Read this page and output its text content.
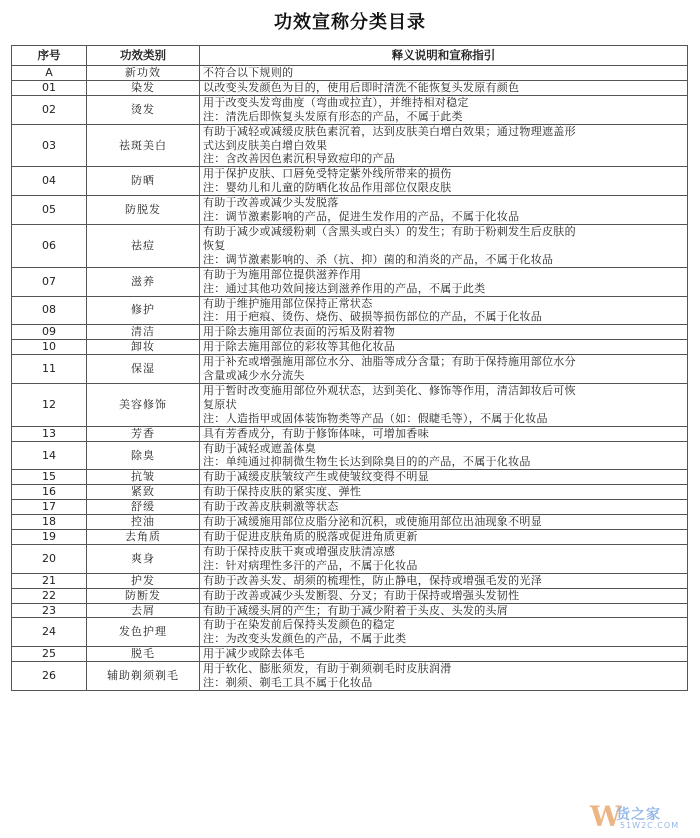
功效宣称分类目录
序号	功效类别	释义说明和宣称指引
A	新功效	不符合以下规则的

01	染发	以改变头发颜色为目的，使用后即时清洗不能恢复头发原有颜色

02	烫发	用于改变头发弯曲度（弯曲或拉直），并维持相对稳定
注：清洗后即恢复头发原有形态的产品，不属于此类

03	祛斑美白	有助于减轻或减缓皮肤色素沉着，达到皮肤美白增白效果；通过物理遮盖形
式达到皮肤美白增白效果
注：含改善因色素沉积导致痘印的产品

04	防晒	用于保护皮肤、口唇免受特定紫外线所带来的损伤
注：婴幼儿和儿童的防晒化妆品作用部位仅限皮肤

05	防脱发	有助于改善或减少头发脱落
注：调节激素影响的产品，促进生发作用的产品，不属于化妆品

06	祛痘	有助于减少或减缓粉刺（含黑头或白头）的发生；有助于粉刺发生后皮肤的
恢复
注：调节激素影响的、杀（抗、抑）菌的和消炎的产品，不属于化妆品

07	滋养	有助于为施用部位提供滋养作用
注：通过其他功效间接达到滋养作用的产品，不属于此类

08	修护	有助于维护施用部位保持正常状态
注：用于疤痕、烫伤、烧伤、破损等损伤部位的产品，不属于化妆品

09	清洁	用于除去施用部位表面的污垢及附着物

10	卸妆	用于除去施用部位的彩妆等其他化妆品

11	保湿	用于补充或增强施用部位水分、油脂等成分含量；有助于保持施用部位水分
含量或减少水分流失

12	美容修饰	用于暂时改变施用部位外观状态，达到美化、修饰等作用，清洁卸妆后可恢
复原状
注：人造指甲或固体装饰物类等产品（如：假睫毛等），不属于化妆品

13	芳香	具有芳香成分，有助于修饰体味，可增加香味

14	除臭	有助于减轻或遮盖体臭
注：单纯通过抑制微生物生长达到除臭目的的产品，不属于化妆品

15	抗皱	有助于减缓皮肤皱纹产生或使皱纹变得不明显

16	紧致	有助于保持皮肤的紧实度、弹性

17	舒缓	有助于改善皮肤刺激等状态

18	控油	有助于减缓施用部位皮脂分泌和沉积，或使施用部位出油现象不明显

19	去角质	有助于促进皮肤角质的脱落或促进角质更新

20	爽身	有助于保持皮肤干爽或增强皮肤清凉感
注：针对病理性多汗的产品，不属于化妆品

21	护发	有助于改善头发、胡须的梳理性，防止静电，保持或增强毛发的光泽

22	防断发	有助于改善或减少头发断裂、分叉；有助于保持或增强头发韧性

23	去屑	有助于减缓头屑的产生；有助于减少附着于头皮、头发的头屑

24	发色护理	有助于在染发前后保持头发颜色的稳定
注：为改变头发颜色的产品，不属于此类

25	脱毛	用于减少或除去体毛

26	辅助剃须剃毛	用于软化、膨胀须发，有助于剃须剃毛时皮肤润滑
注：剃须、剃毛工具不属于化妆品
W
货之家
51W2C.COM
